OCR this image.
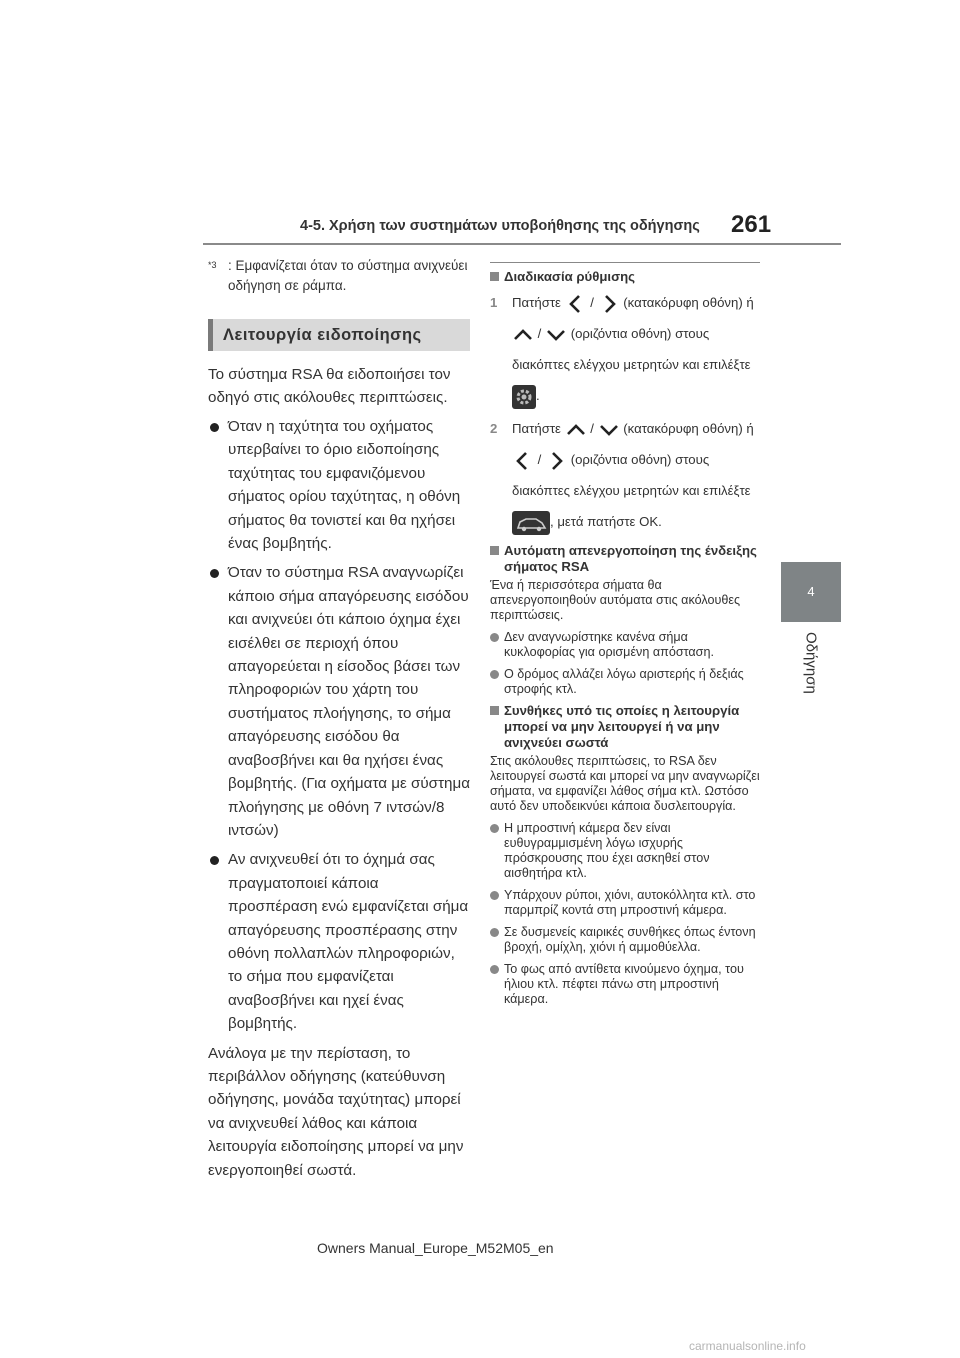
4-5. Χρήση των συστημάτων υποβοήθησης της οδήγησης 261
4
Οδήγηση
$^{*3}$ : Εμφανίζεται όταν το σύστημα ανιχνεύει οδήγηση σε ράμπα.
Λειτουργία ειδοποίησης

Το σύστημα RSA θα ειδοποιήσει τον οδηγό στις ακόλουθες περιπτώσεις.

Όταν η ταχύτητα του οχήματος υπερβαίνει το όριο ειδοποίησης ταχύτητας του εμφανιζόμενου σήματος ορίου ταχύτητας, η οθόνη σήματος θα τονιστεί και θα ηχήσει ένας βομβητής.
Όταν το σύστημα RSA αναγνωρίζει κάποιο σήμα απαγόρευσης εισόδου και ανιχνεύει ότι κάποιο όχημα έχει εισέλθει σε περιοχή όπου απαγορεύεται η είσοδος βάσει των πληροφοριών του χάρτη του συστήματος πλοήγησης, το σήμα απαγόρευσης εισόδου θα αναβοσβήνει και θα ηχήσει ένας βομβητής. (Για οχήματα με σύστημα πλοήγησης με οθόνη 7 ιντσών/8 ιντσών)
Αν ανιχνευθεί ότι το όχημά σας πραγματοποιεί κάποια προσπέραση ενώ εμφανίζεται σήμα απαγόρευσης προσπέρασης στην οθόνη πολλαπλών πληροφοριών, το σήμα που εμφανίζεται αναβοσβήνει και ηχεί ένας βομβητής.

Ανάλογα με την περίσταση, το περιβάλλον οδήγησης (κατεύθυνση οδήγησης, μονάδα ταχύτητας) μπορεί να ανιχνευθεί λάθος και κάποια λειτουργία ειδοποίησης μπορεί να μην ενεργοποιηθεί σωστά.

Διαδικασία ρύθμισης
1 Πατήστε / (κατακόρυφη οθόνη) ή  / (οριζόντια οθόνη) στους διακόπτες ελέγχου μετρητών και επιλέξτε .
2 Πατήστε / (κατακόρυφη οθόνη) ή  / (οριζόντια οθόνη) στους διακόπτες ελέγχου μετρητών και επιλέξτε , μετά πατήστε OK.
Αυτόματη απενεργοποίηση της ένδειξης σήματος RSA
Ένα ή περισσότερα σήματα θα απενεργοποιηθούν αυτόματα στις ακόλουθες περιπτώσεις.
Δεν αναγνωρίστηκε κανένα σήμα κυκλοφορίας για ορισμένη απόσταση.
Ο δρόμος αλλάζει λόγω αριστερής ή δεξιάς στροφής κτλ.
Συνθήκες υπό τις οποίες η λειτουργία μπορεί να μην λειτουργεί ή να μην ανιχνεύει σωστά
Στις ακόλουθες περιπτώσεις, το RSA δεν λειτουργεί σωστά και μπορεί να μην αναγνωρίζει σήματα, να εμφανίζει λάθος σήμα κτλ. Ωστόσο αυτό δεν υποδεικνύει κάποια δυσλειτουργία.
Η μπροστινή κάμερα δεν είναι ευθυγραμμισμένη λόγω ισχυρής πρόσκρουσης που έχει ασκηθεί στον αισθητήρα κτλ.
Υπάρχουν ρύποι, χιόνι, αυτοκόλλητα κτλ. στο παρμπρίζ κοντά στη μπροστινή κάμερα.
Σε δυσμενείς καιρικές συνθήκες όπως έντονη βροχή, ομίχλη, χιόνι ή αμμοθύελλα.
Το φως από αντίθετα κινούμενο όχημα, του ήλιου κτλ. πέφτει πάνω στη μπροστινή κάμερα.
Owners Manual_Europe_M52M05_en
carmanualsonline.info
